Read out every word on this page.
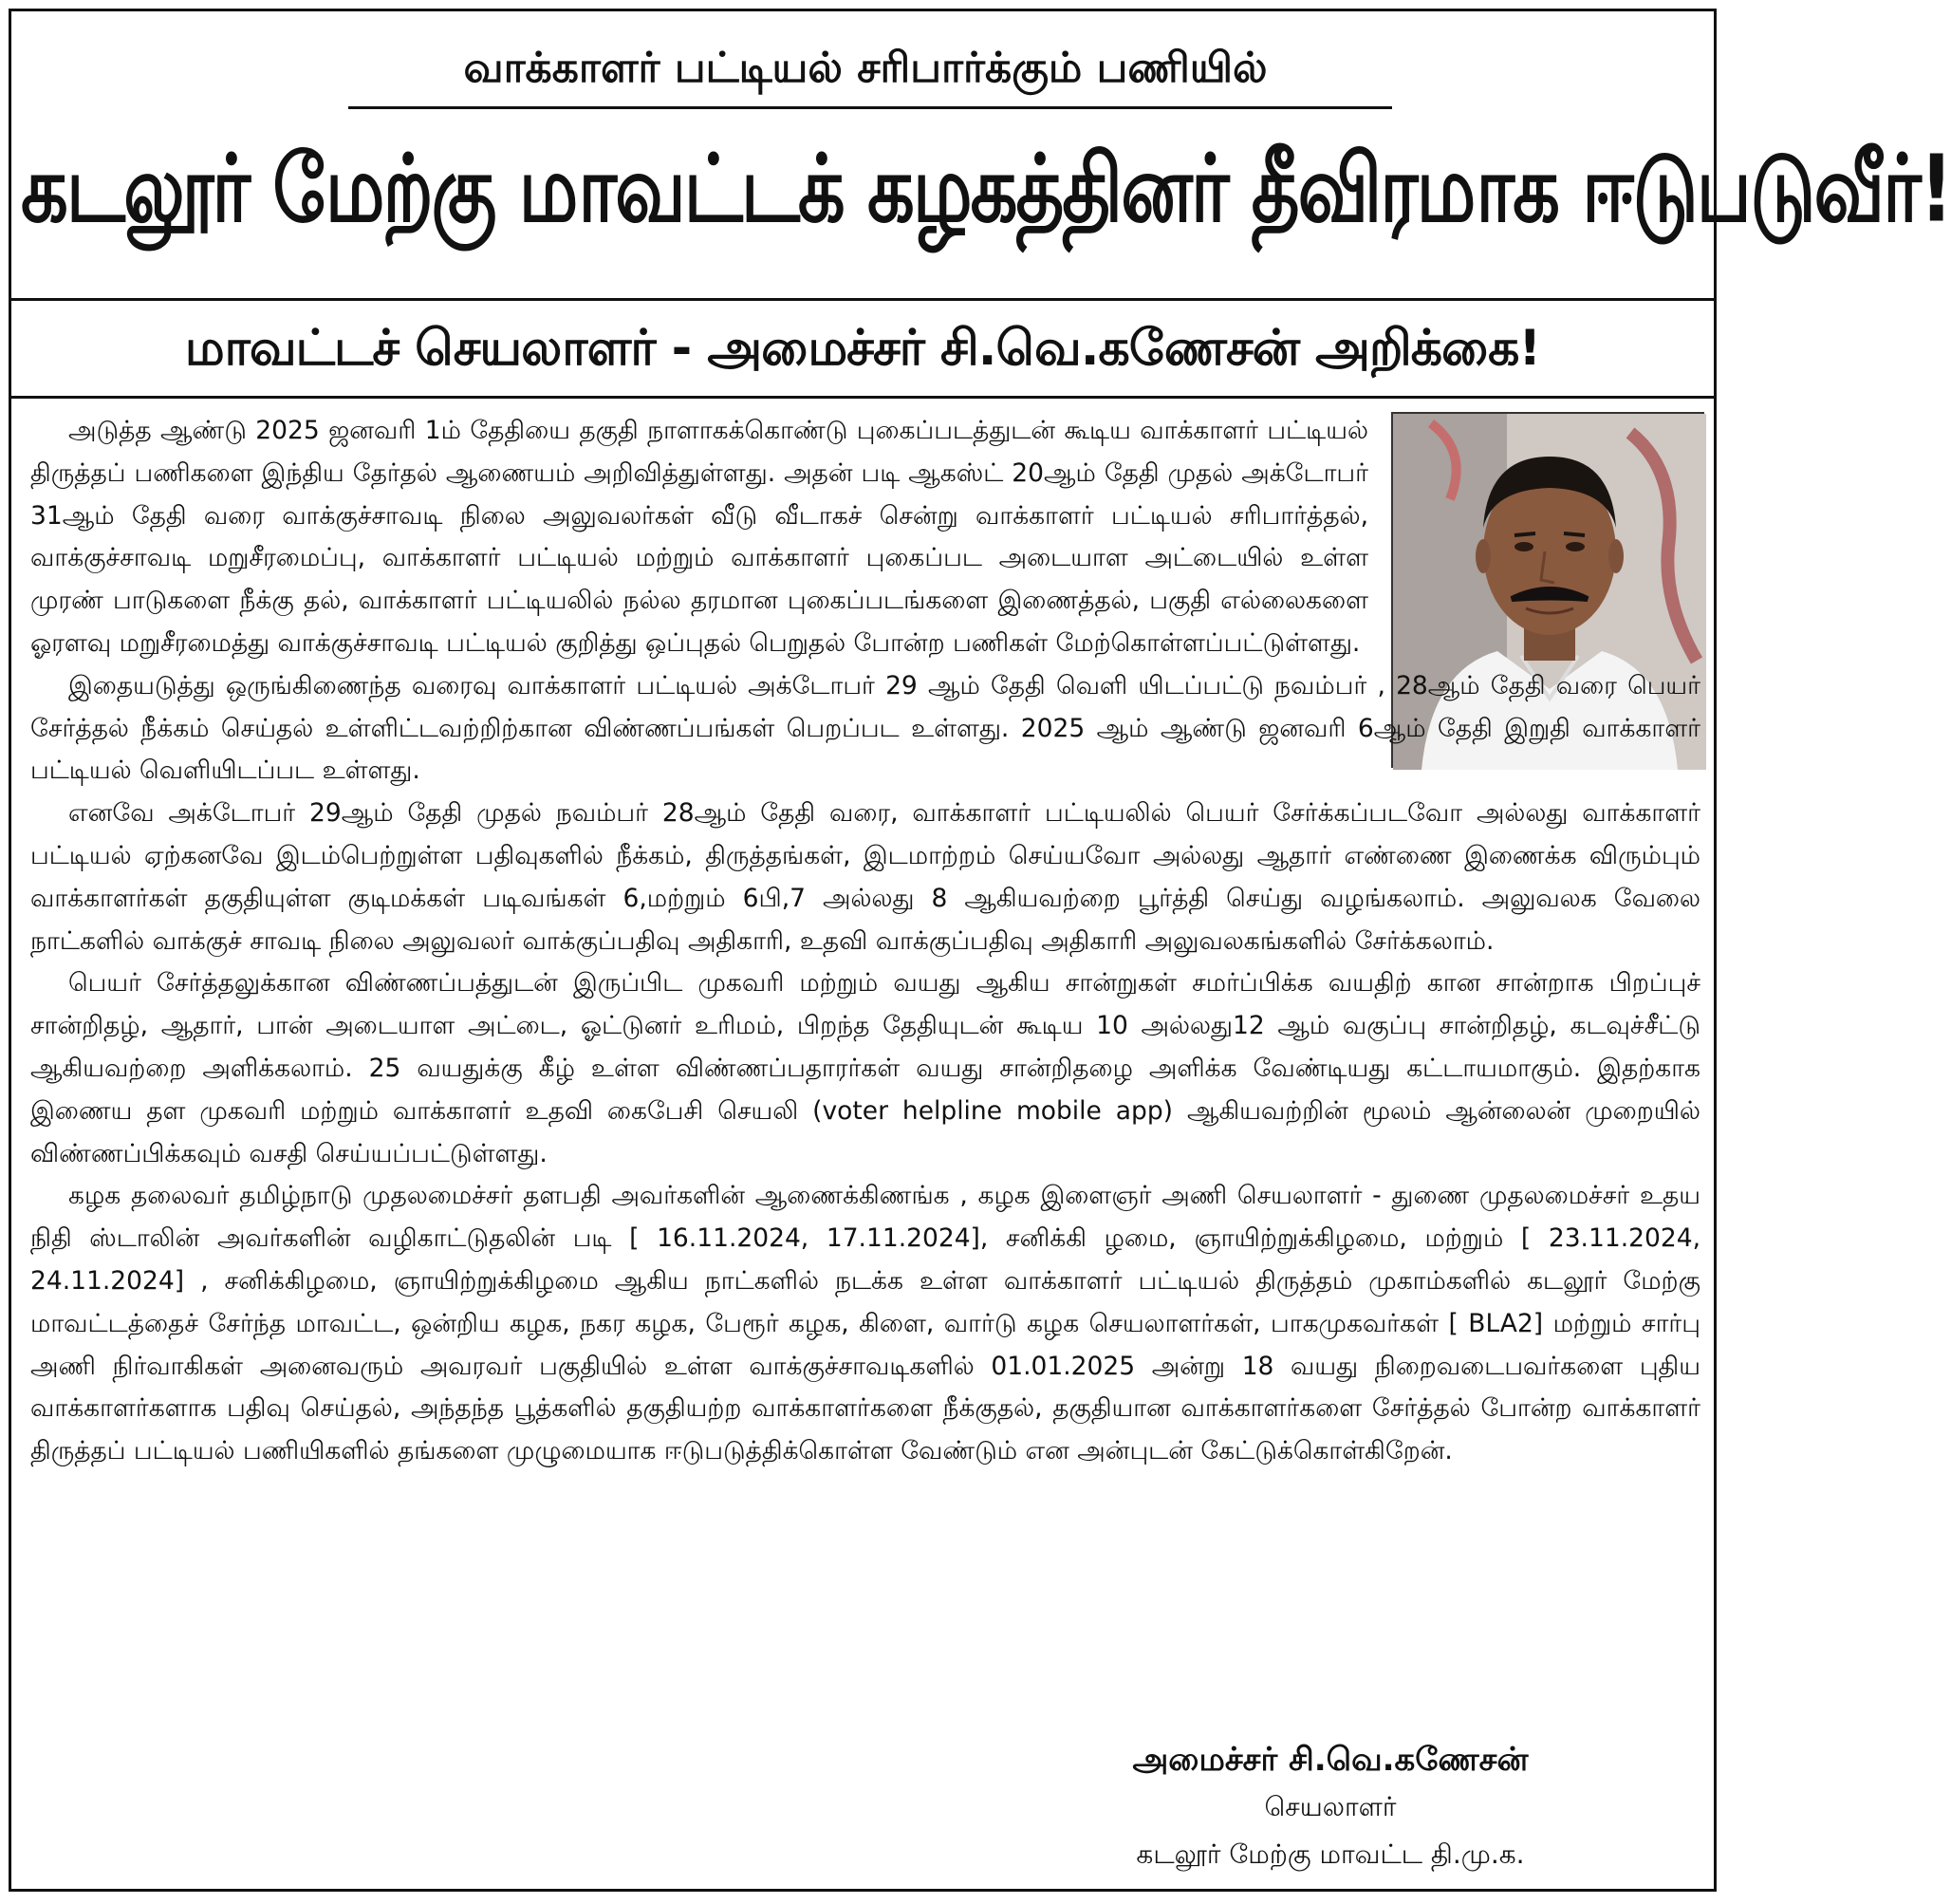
வாக்காளர் பட்டியல் சரிபார்க்கும் பணியில்
கடலூர் மேற்கு மாவட்டக் கழகத்தினர் தீவிரமாக ஈடுபடுவீர்!
மாவட்டச் செயலாளர் - அமைச்சர் சி.வெ.கணேசன் அறிக்கை!

அடுத்த ஆண்டு 2025 ஜனவரி 1ம் தேதியை தகுதி நாளாகக்கொண்டு புகைப்படத்துடன் கூடிய வாக்காளர் பட்டியல் திருத்தப் பணிகளை இந்திய தேர்தல் ஆணையம் அறிவித்துள்ளது. அதன் படி ஆகஸ்ட் 20ஆம் தேதி முதல் அக்டோபர் 31ஆம் தேதி வரை வாக்குச்சாவடி நிலை அலுவலர்கள் வீடு வீடாகச் சென்று வாக்காளர் பட்டியல் சரிபார்த்தல், வாக்குச்சாவடி மறுசீரமைப்பு, வாக்காளர் பட்டியல் மற்றும் வாக்காளர் புகைப்பட அடையாள அட்டையில் உள்ள முரண் பாடுகளை நீக்கு தல், வாக்காளர் பட்டியலில் நல்ல தரமான புகைப்படங்களை இணைத்தல், பகுதி எல்லைகளை ஓரளவு மறுசீரமைத்து வாக்குச்சாவடி பட்டியல் குறித்து ஒப்புதல் பெறுதல் போன்ற பணிகள் மேற்கொள்ளப்பட்டுள்ளது.

இதையடுத்து ஒருங்கிணைந்த வரைவு வாக்காளர் பட்டியல் அக்டோபர் 29 ஆம் தேதி வெளி யிடப்பட்டு நவம்பர் , 28ஆம் தேதி வரை பெயர் சேர்த்தல் நீக்கம் செய்தல் உள்ளிட்டவற்றிற்கான விண்ணப்பங்கள் பெறப்பட உள்ளது. 2025 ஆம் ஆண்டு ஜனவரி 6ஆம் தேதி இறுதி வாக்காளர் பட்டியல் வெளியிடப்பட உள்ளது.

எனவே அக்டோபர் 29ஆம் தேதி முதல் நவம்பர் 28ஆம் தேதி வரை, வாக்காளர் பட்டியலில் பெயர் சேர்க்கப்படவோ அல்லது வாக்காளர் பட்டியல் ஏற்கனவே இடம்பெற்றுள்ள பதிவுகளில் நீக்கம், திருத்தங்கள், இடமாற்றம் செய்யவோ அல்லது ஆதார் எண்ணை இணைக்க விரும்பும் வாக்காளர்கள் தகுதியுள்ள குடிமக்கள் படிவங்கள் 6,மற்றும் 6பி,7 அல்லது 8 ஆகியவற்றை பூர்த்தி செய்து வழங்கலாம். அலுவலக வேலை நாட்களில் வாக்குச் சாவடி நிலை அலுவலர் வாக்குப்பதிவு அதிகாரி, உதவி வாக்குப்பதிவு அதிகாரி அலுவலகங்களில் சேர்க்கலாம்.

பெயர் சேர்த்தலுக்கான விண்ணப்பத்துடன் இருப்பிட முகவரி மற்றும் வயது ஆகிய சான்றுகள் சமர்ப்பிக்க வயதிற் கான சான்றாக பிறப்புச் சான்றிதழ், ஆதார், பான் அடையாள அட்டை, ஓட்டுனர் உரிமம், பிறந்த தேதியுடன் கூடிய 10 அல்லது12 ஆம் வகுப்பு சான்றிதழ், கடவுச்சீட்டு ஆகியவற்றை அளிக்கலாம். 25 வயதுக்கு கீழ் உள்ள விண்ணப்பதாரர்கள் வயது சான்றிதழை அளிக்க வேண்டியது கட்டாயமாகும். இதற்காக இணைய தள முகவரி மற்றும் வாக்காளர் உதவி கைபேசி செயலி (voter helpline mobile app) ஆகியவற்றின் மூலம் ஆன்லைன் முறையில் விண்ணப்பிக்கவும் வசதி செய்யப்பட்டுள்ளது.

கழக தலைவர் தமிழ்நாடு முதலமைச்சர் தளபதி அவர்களின் ஆணைக்கிணங்க , கழக இளைஞர் அணி செயலாளர் - துணை முதலமைச்சர் உதய நிதி ஸ்டாலின் அவர்களின் வழிகாட்டுதலின் படி [ 16.11.2024, 17.11.2024], சனிக்கி ழமை, ஞாயிற்றுக்கிழமை, மற்றும் [ 23.11.2024, 24.11.2024] , சனிக்கிழமை, ஞாயிற்றுக்கிழமை ஆகிய நாட்களில் நடக்க உள்ள வாக்காளர் பட்டியல் திருத்தம் முகாம்களில் கடலூர் மேற்கு மாவட்டத்தைச் சேர்ந்த மாவட்ட, ஒன்றிய கழக, நகர கழக, பேரூர் கழக, கிளை, வார்டு கழக செயலாளர்கள், பாகமுகவர்கள் [ BLA2] மற்றும் சார்பு அணி நிர்வாகிகள் அனைவரும் அவரவர் பகுதியில் உள்ள வாக்குச்சாவடிகளில் 01.01.2025 அன்று 18 வயது நிறைவடைபவர்களை புதிய வாக்காளர்களாக பதிவு செய்தல், அந்தந்த பூத்களில் தகுதியற்ற வாக்காளர்களை நீக்குதல், தகுதியான வாக்காளர்களை சேர்த்தல் போன்ற வாக்காளர் திருத்தப் பட்டியல் பணியிகளில் தங்களை முழுமையாக ஈடுபடுத்திக்கொள்ள வேண்டும் என அன்புடன் கேட்டுக்கொள்கிறேன்.

அமைச்சர் சி.வெ.கணேசன்
செயலாளர்
கடலூர் மேற்கு மாவட்ட தி.மு.க.
